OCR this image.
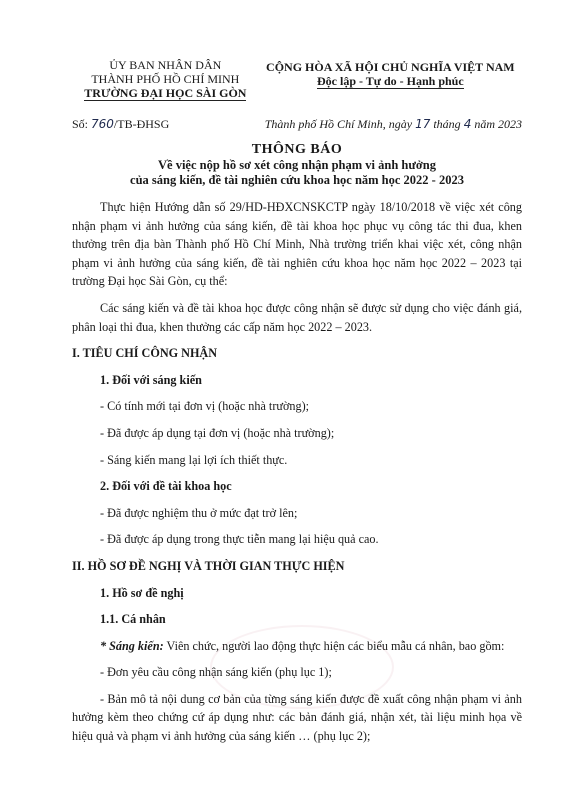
ỦY BAN NHÂN DÂN
THÀNH PHỐ HỒ CHÍ MINH
TRƯỜNG ĐẠI HỌC SÀI GÒN
CỘNG HÒA XÃ HỘI CHỦ NGHĨA VIỆT NAM
Độc lập - Tự do - Hạnh phúc
Số: 760/TB-ĐHSG	Thành phố Hồ Chí Minh, ngày 17 tháng 4 năm 2023
THÔNG BÁO
Về việc nộp hồ sơ xét công nhận phạm vi ảnh hưởng
của sáng kiến, đề tài nghiên cứu khoa học năm học 2022 - 2023

Thực hiện Hướng dẫn số 29/HD-HĐXCNSKCTP ngày 18/10/2018 về việc xét công nhận phạm vi ảnh hưởng của sáng kiến, đề tài khoa học phục vụ công tác thi đua, khen thưởng trên địa bàn Thành phố Hồ Chí Minh, Nhà trường triển khai việc xét, công nhận phạm vi ảnh hưởng của sáng kiến, đề tài nghiên cứu khoa học năm học 2022 – 2023 tại trường Đại học Sài Gòn, cụ thể:

Các sáng kiến và đề tài khoa học được công nhận sẽ được sử dụng cho việc đánh giá, phân loại thi đua, khen thưởng các cấp năm học 2022 – 2023.

I. TIÊU CHÍ CÔNG NHẬN

1. Đối với sáng kiến

- Có tính mới tại đơn vị (hoặc nhà trường);

- Đã được áp dụng tại đơn vị (hoặc nhà trường);

- Sáng kiến mang lại lợi ích thiết thực.

2. Đối với đề tài khoa học

- Đã được nghiệm thu ở mức đạt trở lên;

- Đã được áp dụng trong thực tiễn mang lại hiệu quả cao.

II. HỒ SƠ ĐỀ NGHỊ VÀ THỜI GIAN THỰC HIỆN

1. Hồ sơ đề nghị

1.1. Cá nhân

* Sáng kiến: Viên chức, người lao động thực hiện các biểu mẫu cá nhân, bao gồm:

- Đơn yêu cầu công nhận sáng kiến (phụ lục 1);

- Bản mô tả nội dung cơ bản của từng sáng kiến được đề xuất công nhận phạm vi ảnh hưởng kèm theo chứng cứ áp dụng như: các bản đánh giá, nhận xét, tài liệu minh họa về hiệu quả và phạm vi ảnh hưởng của sáng kiến … (phụ lục 2);
